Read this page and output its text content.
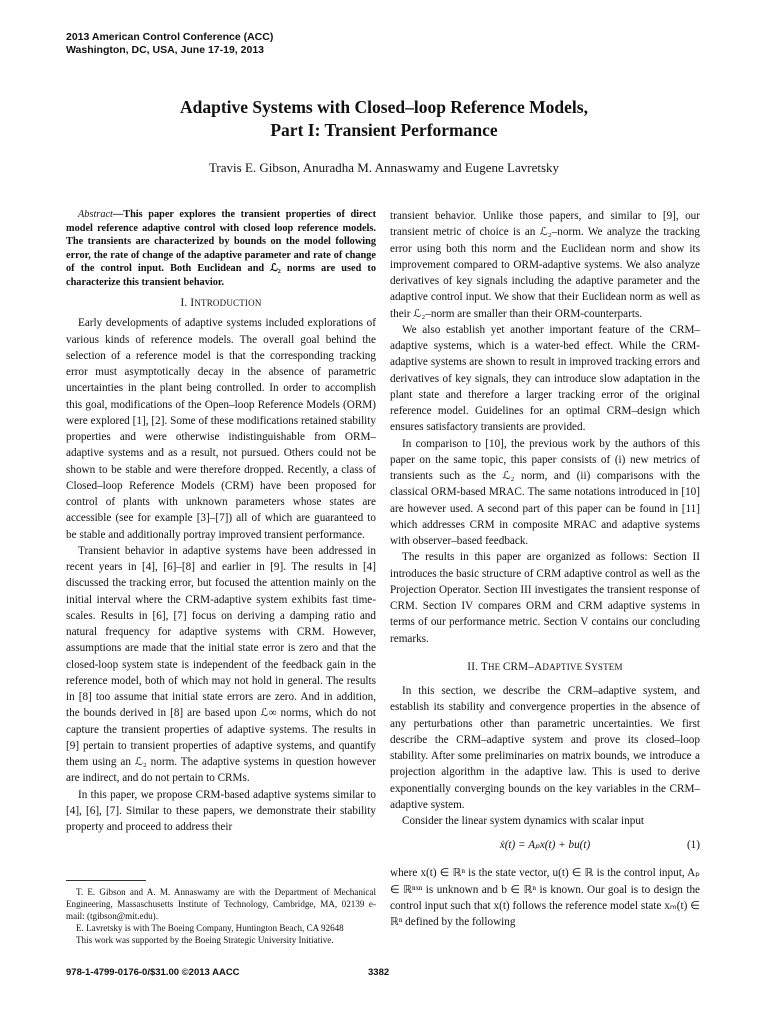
2013 American Control Conference (ACC)
Washington, DC, USA, June 17-19, 2013
Adaptive Systems with Closed–loop Reference Models,
Part I: Transient Performance
Travis E. Gibson, Anuradha M. Annaswamy and Eugene Lavretsky

Abstract—This paper explores the transient properties of direct model reference adaptive control with closed loop reference models. The transients are characterized by bounds on the model following error, the rate of change of the adaptive parameter and rate of change of the control input. Both Euclidean and ℒ₂ norms are used to characterize this transient behavior.

I. INTRODUCTION

Early developments of adaptive systems included explorations of various kinds of reference models. The overall goal behind the selection of a reference model is that the corresponding tracking error must asymptotically decay in the absence of parametric uncertainties in the plant being controlled. In order to accomplish this goal, modifications of the Open–loop Reference Models (ORM) were explored [1], [2]. Some of these modifications retained stability properties and were otherwise indistinguishable from ORM–adaptive systems and as a result, not pursued. Others could not be shown to be stable and were therefore dropped. Recently, a class of Closed–loop Reference Models (CRM) have been proposed for control of plants with unknown parameters whose states are accessible (see for example [3]–[7]) all of which are guaranteed to be stable and additionally portray improved transient performance.

Transient behavior in adaptive systems have been addressed in recent years in [4], [6]–[8] and earlier in [9]. The results in [4] discussed the tracking error, but focused the attention mainly on the initial interval where the CRM-adaptive system exhibits fast time-scales. Results in [6], [7] focus on deriving a damping ratio and natural frequency for adaptive systems with CRM. However, assumptions are made that the initial state error is zero and that the closed-loop system state is independent of the feedback gain in the reference model, both of which may not hold in general. The results in [8] too assume that initial state errors are zero. And in addition, the bounds derived in [8] are based upon ℒ∞ norms, which do not capture the transient properties of adaptive systems. The results in [9] pertain to transient properties of adaptive systems, and quantify them using an ℒ₂ norm. The adaptive systems in question however are indirect, and do not pertain to CRMs.

In this paper, we propose CRM-based adaptive systems similar to [4], [6], [7]. Similar to these papers, we demonstrate their stability property and proceed to address their

transient behavior. Unlike those papers, and similar to [9], our transient metric of choice is an ℒ₂–norm. We analyze the tracking error using both this norm and the Euclidean norm and show its improvement compared to ORM-adaptive systems. We also analyze derivatives of key signals including the adaptive parameter and the adaptive control input. We show that their Euclidean norm as well as their ℒ₂–norm are smaller than their ORM-counterparts.

We also establish yet another important feature of the CRM–adaptive systems, which is a water-bed effect. While the CRM-adaptive systems are shown to result in improved tracking errors and derivatives of key signals, they can introduce slow adaptation in the plant state and therefore a larger tracking error of the original reference model. Guidelines for an optimal CRM–design which ensures satisfactory transients are provided.

In comparison to [10], the previous work by the authors of this paper on the same topic, this paper consists of (i) new metrics of transients such as the ℒ₂ norm, and (ii) comparisons with the classical ORM-based MRAC. The same notations introduced in [10] are however used. A second part of this paper can be found in [11] which addresses CRM in composite MRAC and adaptive systems with observer–based feedback.

The results in this paper are organized as follows: Section II introduces the basic structure of CRM adaptive control as well as the Projection Operator. Section III investigates the transient response of CRM. Section IV compares ORM and CRM adaptive systems in terms of our performance metric. Section V contains our concluding remarks.

II. THE CRM–ADAPTIVE SYSTEM

In this section, we describe the CRM–adaptive system, and establish its stability and convergence properties in the absence of any perturbations other than parametric uncertainties. We first describe the CRM–adaptive system and prove its closed–loop stability. After some preliminaries on matrix bounds, we introduce a projection algorithm in the adaptive law. This is used to derive exponentially converging bounds on the key variables in the CRM–adaptive system.

Consider the linear system dynamics with scalar input

ẋ(t) = Aₚx(t) + bu(t)	(1)

where x(t) ∈ ℝⁿ is the state vector, u(t) ∈ ℝ is the control input, Aₚ ∈ ℝⁿˣⁿ is unknown and b ∈ ℝⁿ is known. Our goal is to design the control input such that x(t) follows the reference model state xₘ(t) ∈ ℝⁿ defined by the following

T. E. Gibson and A. M. Annaswamy are with the Department of Mechanical Engineering, Massaschusetts Institute of Technology, Cambridge, MA, 02139 e-mail: (tgibson@mit.edu).

E. Lavretsky is with The Boeing Company, Huntington Beach, CA 92648

This work was supported by the Boeing Strategic University Initiative.

978-1-4799-0176-0/$31.00 ©2013 AACC	3382
